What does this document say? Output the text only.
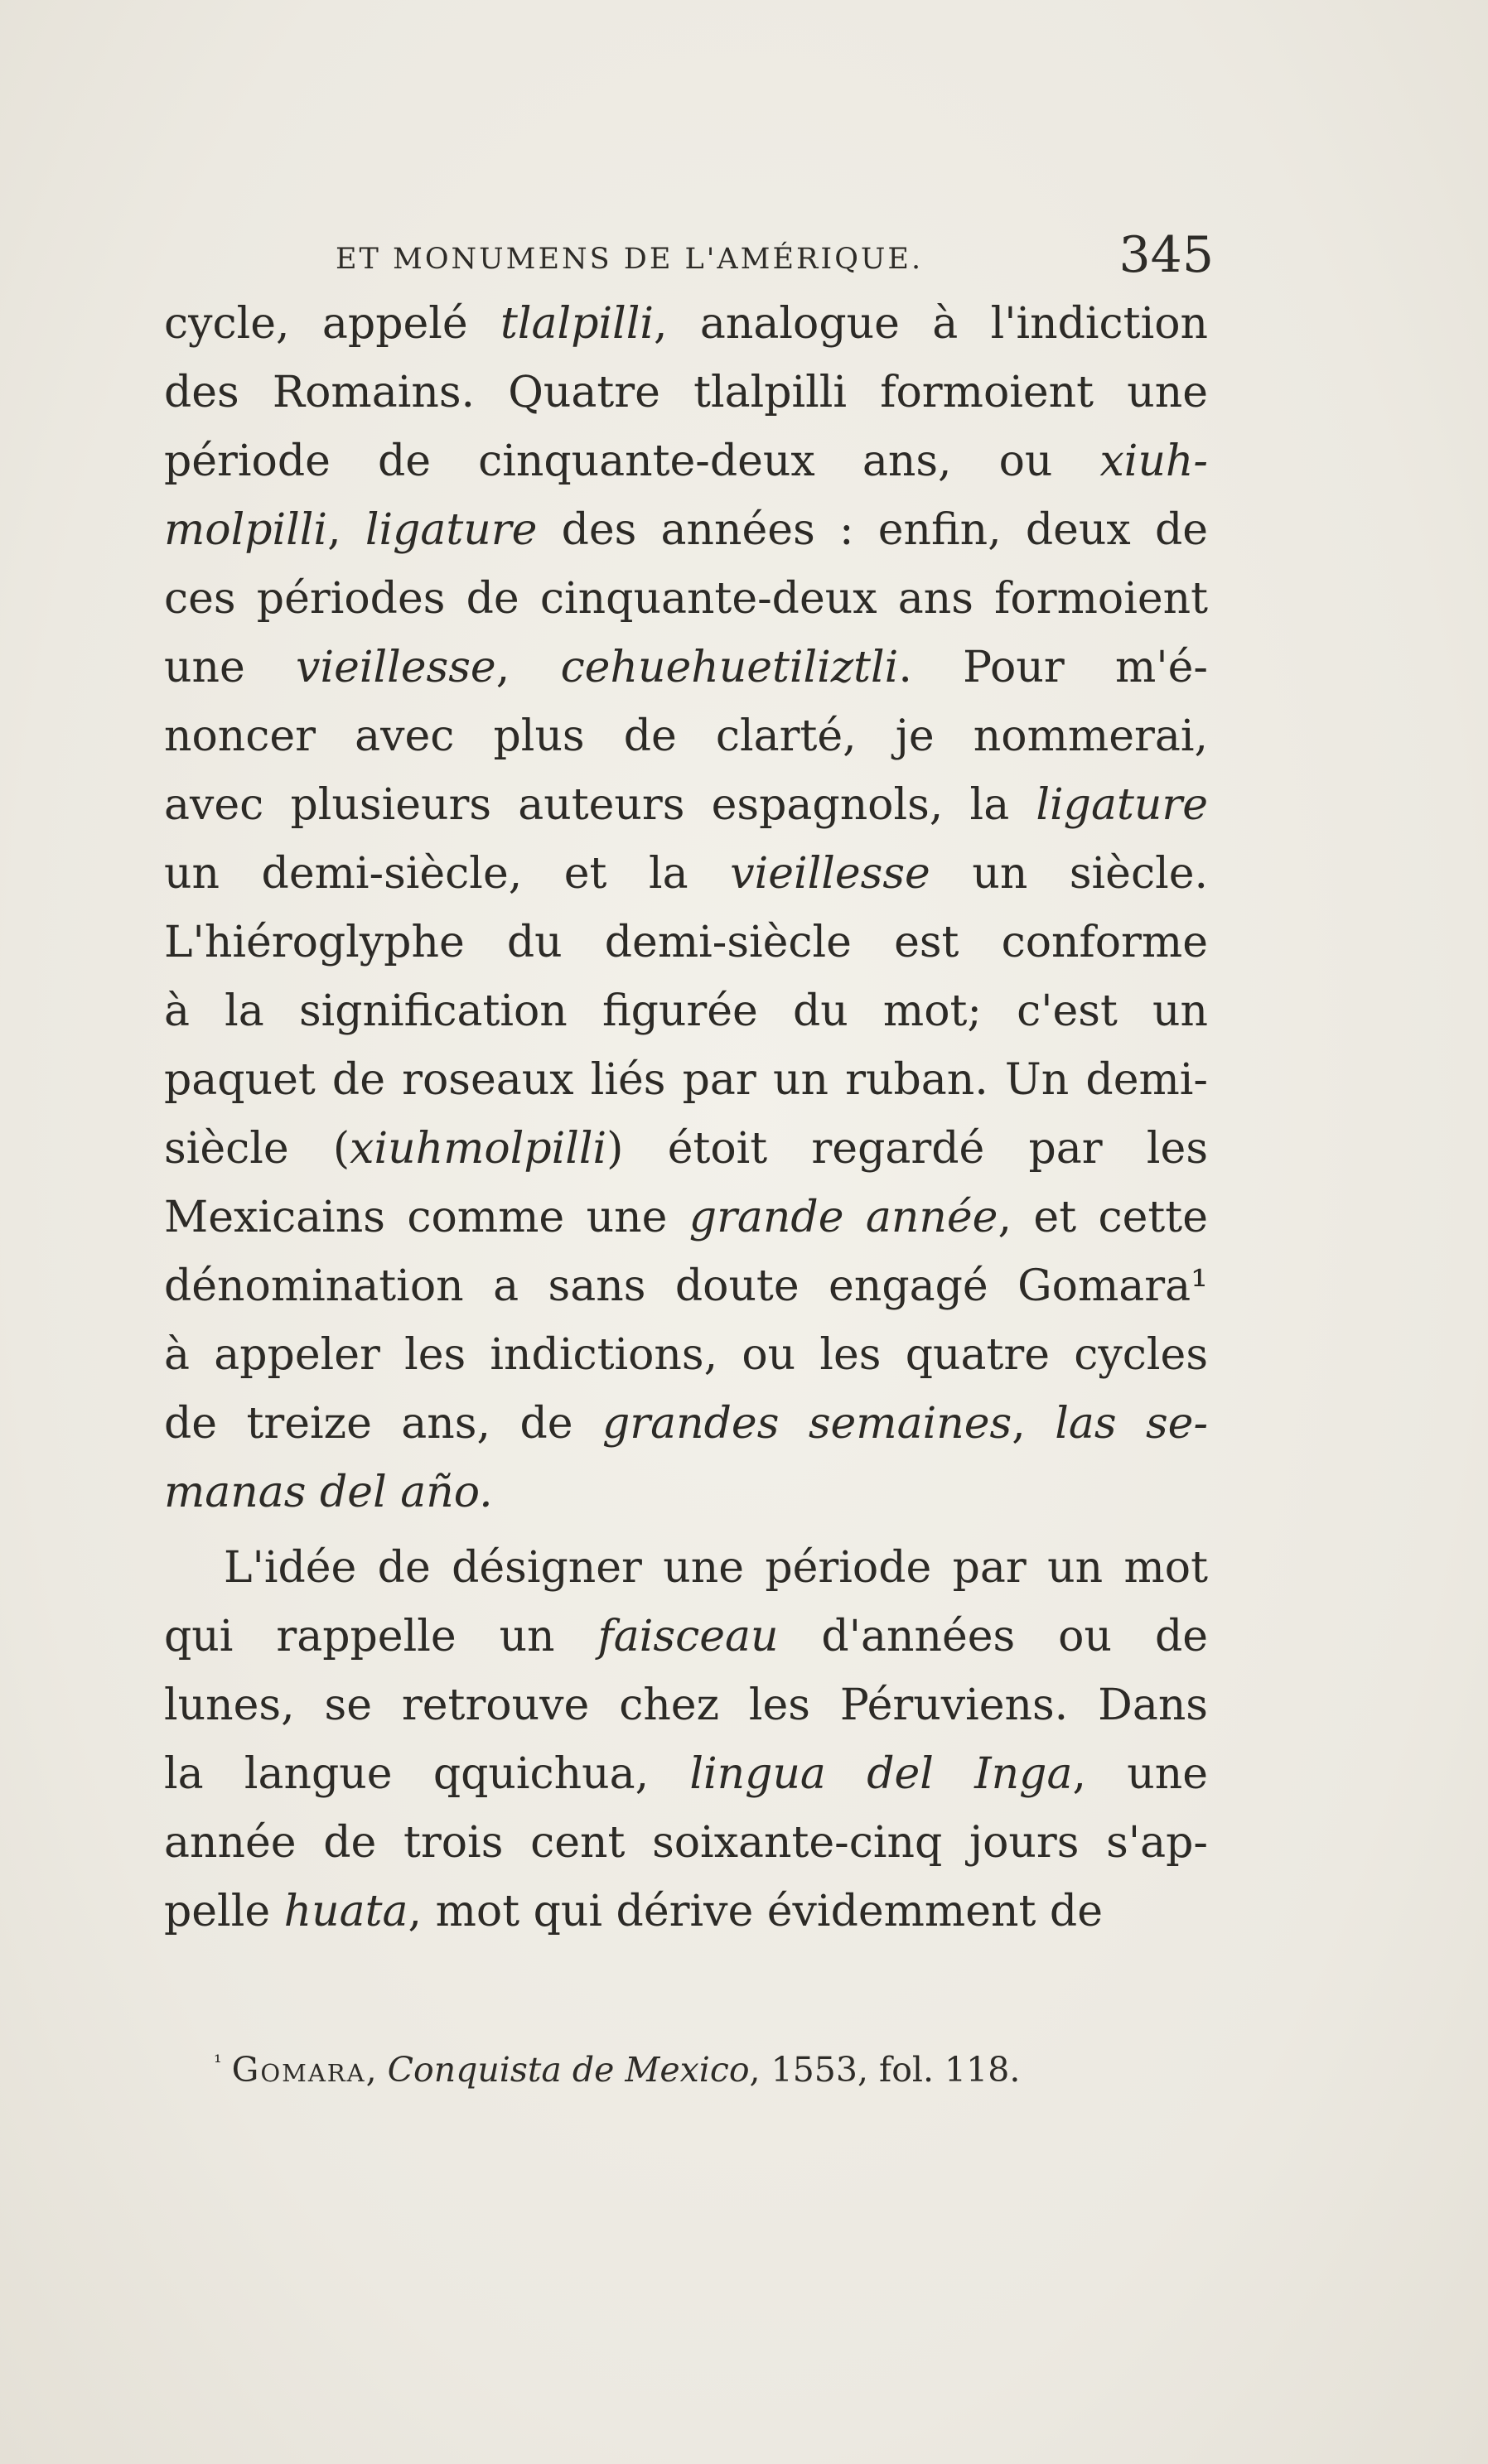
ET MONUMENS DE L'AMÉRIQUE.	345
cycle, appelé tlalpilli, analogue à l'indiction
des Romains. Quatre tlalpilli formoient une
période de cinquante-deux ans, ou xiuh-
molpilli, ligature des années : enfin, deux de
ces périodes de cinquante-deux ans formoient
une vieillesse, cehuehuetiliztli. Pour m'é-
noncer avec plus de clarté, je nommerai,
avec plusieurs auteurs espagnols, la ligature
un demi-siècle, et la vieillesse un siècle.
L'hiéroglyphe du demi-siècle est conforme
à la signification figurée du mot; c'est un
paquet de roseaux liés par un ruban. Un demi-
siècle (xiuhmolpilli) étoit regardé par les
Mexicains comme une grande année, et cette
dénomination a sans doute engagé Gomara¹
à appeler les indictions, ou les quatre cycles
de treize ans, de grandes semaines, las se-
manas del año.
L'idée de désigner une période par un mot
qui rappelle un faisceau d'années ou de
lunes, se retrouve chez les Péruviens. Dans
la langue qquichua, lingua del Inga, une
année de trois cent soixante-cinq jours s'ap-
pelle huata, mot qui dérive évidemment de
$^{^1}$ Gomara, Conquista de Mexico, 1553, fol. 118.
